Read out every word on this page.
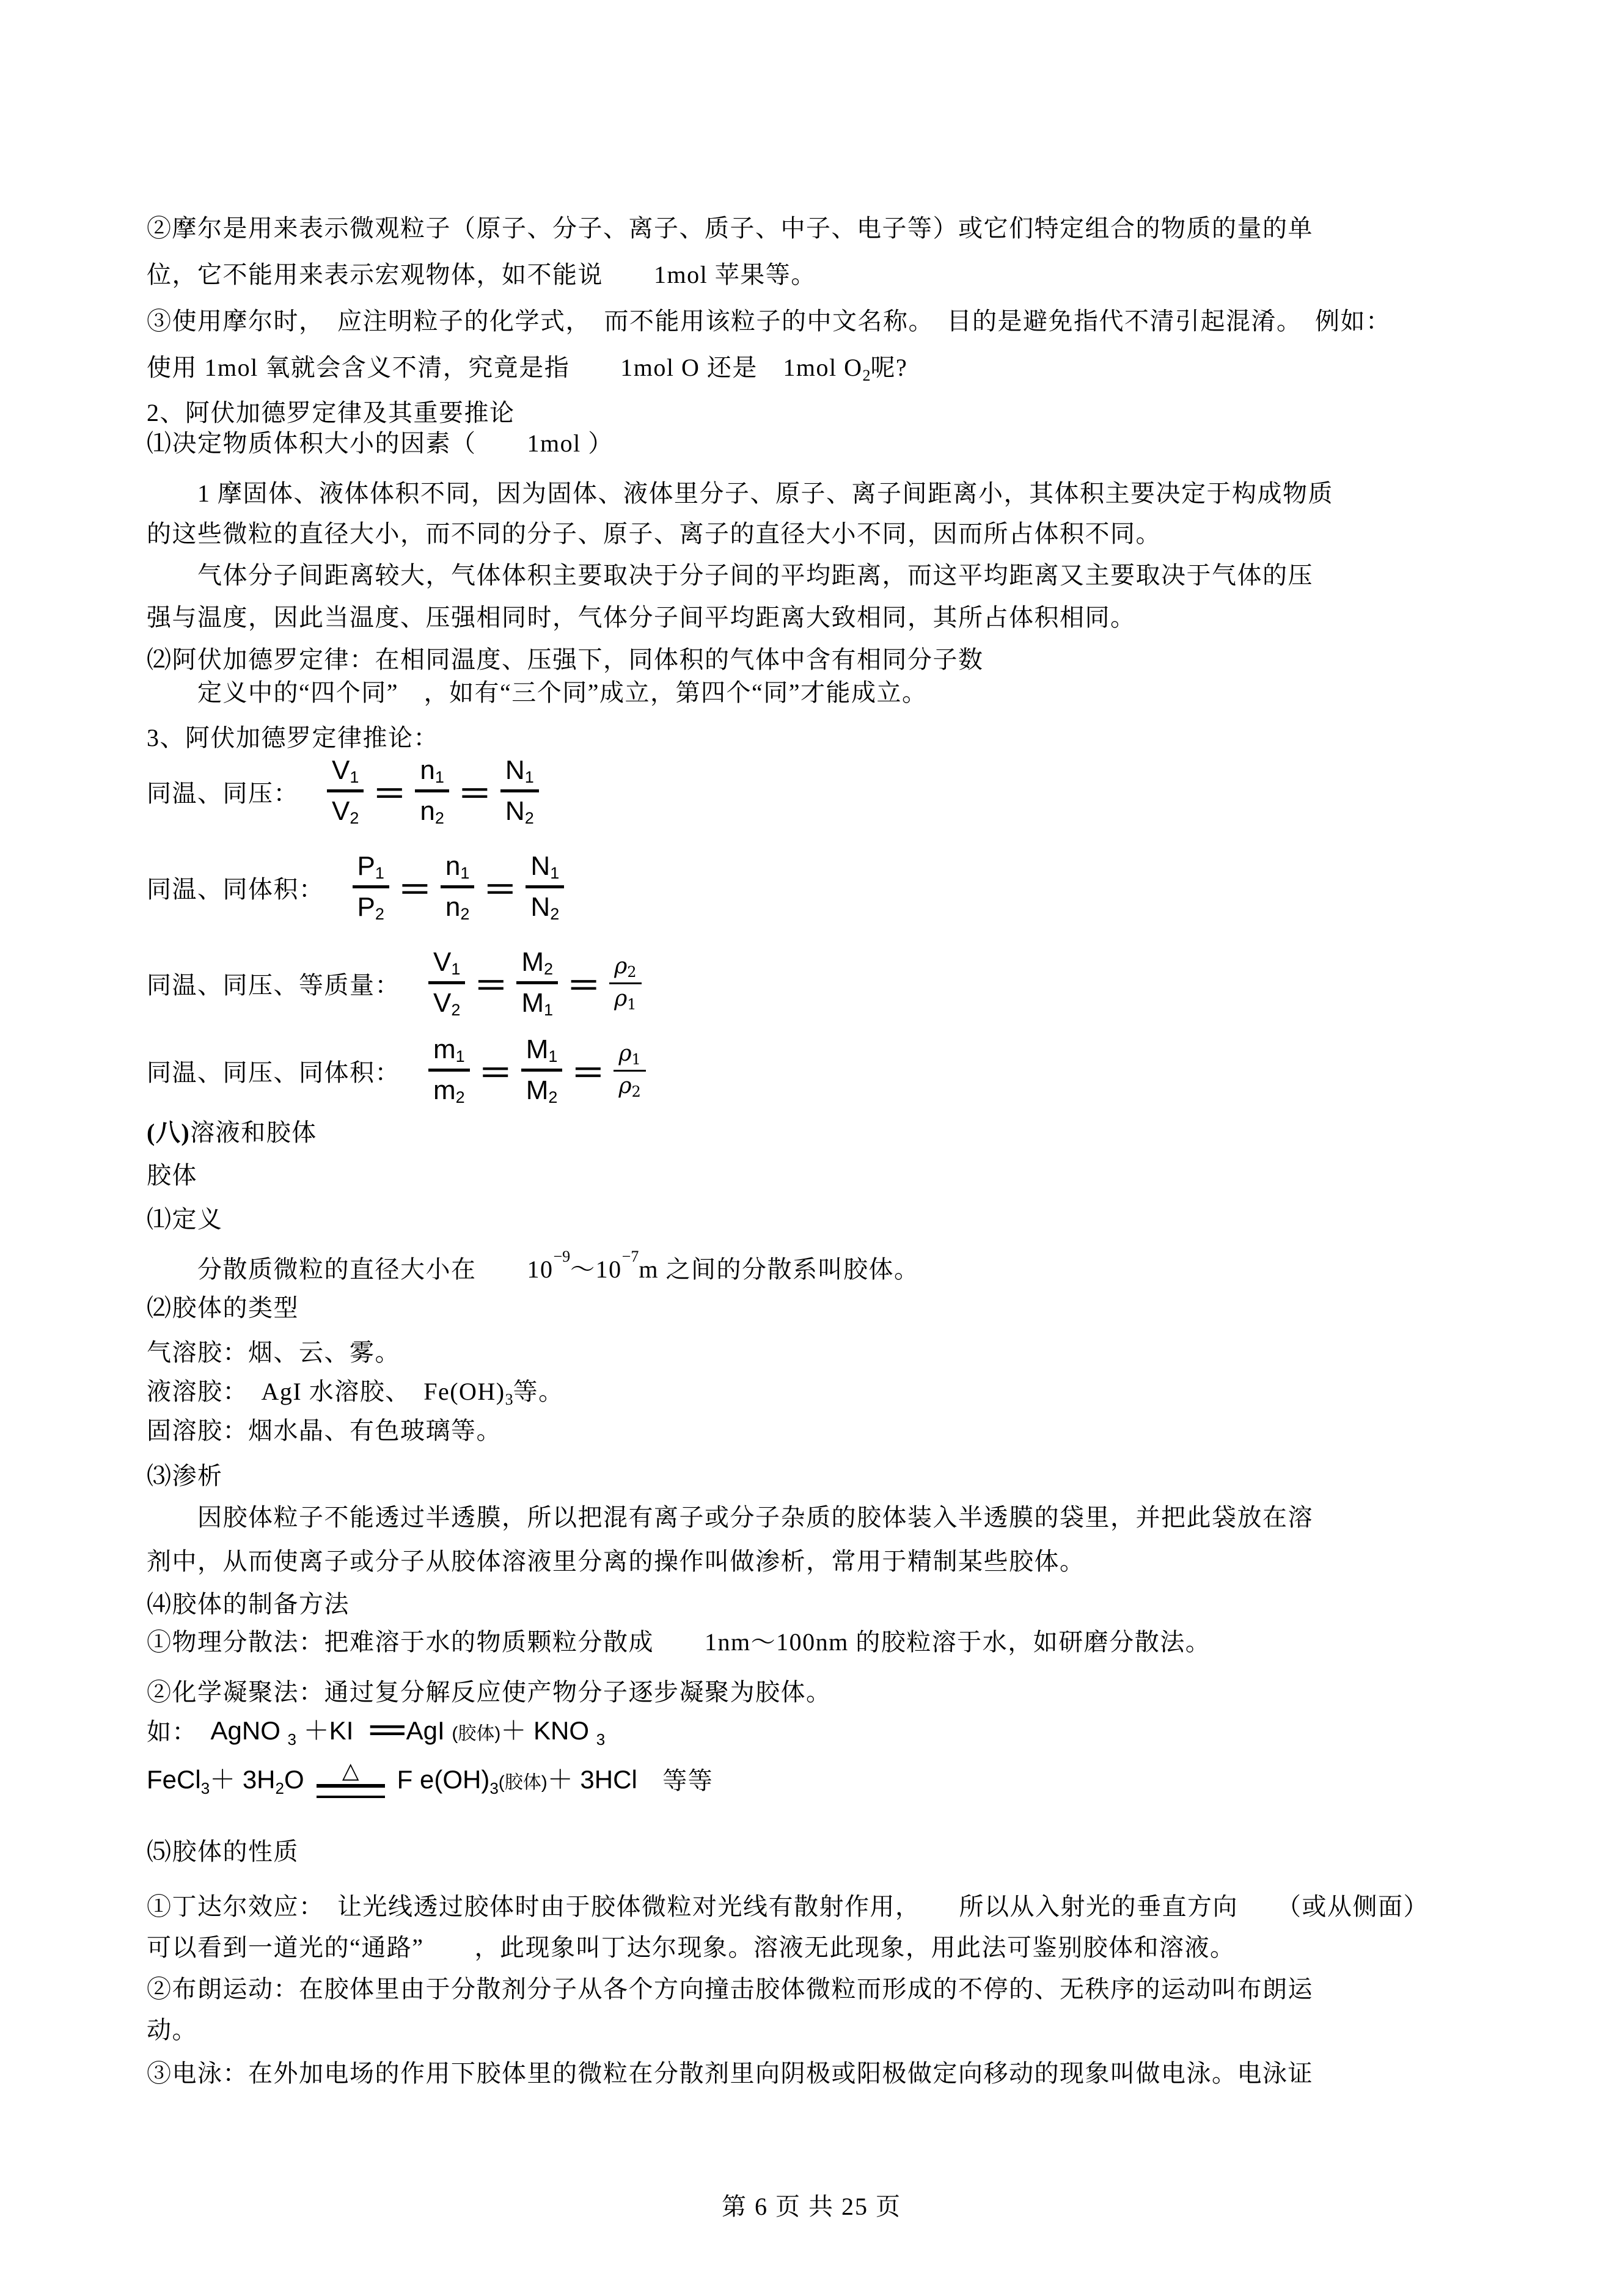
②摩尔是用来表示微观粒子（原子、分子、离子、质子、中子、电子等）或它们特定组合的物质的量的单
位，它不能用来表示宏观物体，如不能说　　1mol 苹果等。
③使用摩尔时，　应注明粒子的化学式，　而不能用该粒子的中文名称。　目的是避免指代不清引起混淆。　例如：
使用 1mol 氧就会含义不清，究竟是指　　1mol O 还是　1mol $O_2$呢?
2、阿伏加德罗定律及其重要推论
⑴决定物质体积大小的因素（　　1mol ）
　　1 摩固体、液体体积不同，因为固体、液体里分子、原子、离子间距离小，其体积主要决定于构成物质
的这些微粒的直径大小，而不同的分子、原子、离子的直径大小不同，因而所占体积不同。
　　气体分子间距离较大，气体体积主要取决于分子间的平均距离，而这平均距离又主要取决于气体的压
强与温度，因此当温度、压强相同时，气体分子间平均距离大致相同，其所占体积相同。
⑵阿伏加德罗定律：在相同温度、压强下，同体积的气体中含有相同分子数
　　定义中的“四个同”　，如有“三个同”成立，第四个“同”才能成立。
3、阿伏加德罗定律推论：
同温、同压： $\frac{V_1}{V_2} = \frac{n_1}{n_2} = \frac{N_1}{N_2}$
同温、同体积： $\frac{P_1}{P_2} = \frac{n_1}{n_2} = \frac{N_1}{N_2}$
同温、同压、等质量： $\frac{V_1}{V_2} = \frac{M_2}{M_1} = \frac{\rho_2}{\rho_1}$
同温、同压、同体积： $\frac{m_1}{m_2} = \frac{M_1}{M_2} = \frac{\rho_1}{\rho_2}$
(八)溶液和胶体
胶体
⑴定义
　　分散质微粒的直径大小在　　$10^{-9}\sim 10^{-7}m$ 之间的分散系叫胶体。
⑵胶体的类型
气溶胶：烟、云、雾。
液溶胶：　AgI 水溶胶、　$Fe(OH)_3$等。
固溶胶：烟水晶、有色玻璃等。
⑶渗析
　　因胶体粒子不能透过半透膜，所以把混有离子或分子杂质的胶体装入半透膜的袋里，并把此袋放在溶
剂中，从而使离子或分子从胶体溶液里分离的操作叫做渗析，常用于精制某些胶体。
⑷胶体的制备方法
①物理分散法：把难溶于水的物质颗粒分散成　　1nm～100nm 的胶粒溶于水，如研磨分散法。
②化学凝聚法：通过复分解反应使产物分子逐步凝聚为胶体。
如：　 AgNO $_3$ ＋KI === AgI (胶体)＋ KNO $_3$
FeCl$_3$＋ $3H_2O$ △ F $e(OH)_3$(胶体)＋ 3HCl 　等等
⑸胶体的性质
①丁达尔效应：　让光线透过胶体时由于胶体微粒对光线有散射作用，　　所以从入射光的垂直方向　　（或从侧面）
可以看到一道光的“通路”　　，此现象叫丁达尔现象。溶液无此现象，用此法可鉴别胶体和溶液。
②布朗运动：在胶体里由于分散剂分子从各个方向撞击胶体微粒而形成的不停的、无秩序的运动叫布朗运
动。
③电泳：在外加电场的作用下胶体里的微粒在分散剂里向阴极或阳极做定向移动的现象叫做电泳。电泳证
第 6 页 共 25 页
